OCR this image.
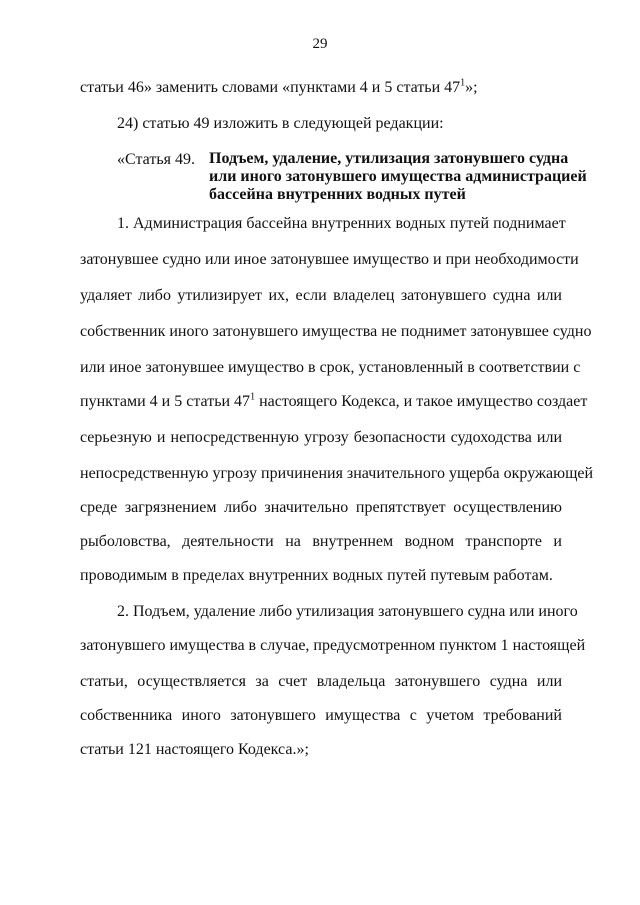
29
статьи 46» заменить словами «пунктами 4 и 5 статьи $47^1$»;
24) статью 49 изложить в следующей редакции:
«Статья 49. Подъем, удаление, утилизация затонувшего судна
или иного затонувшего имущества администрацией
бассейна внутренних водных путей
1. Администрация бассейна внутренних водных путей поднимает
затонувшее судно или иное затонувшее имущество и при необходимости
удаляет либо утилизирует их, если владелец затонувшего судна или
собственник иного затонувшего имущества не поднимет затонувшее судно
или иное затонувшее имущество в срок, установленный в соответствии с
пунктами 4 и 5 статьи $47^1$ настоящего Кодекса, и такое имущество создает
серьезную и непосредственную угрозу безопасности судоходства или
непосредственную угрозу причинения значительного ущерба окружающей
среде загрязнением либо значительно препятствует осуществлению
рыболовства, деятельности на внутреннем водном транспорте и
проводимым в пределах внутренних водных путей путевым работам.
2. Подъем, удаление либо утилизация затонувшего судна или иного
затонувшего имущества в случае, предусмотренном пунктом 1 настоящей
статьи, осуществляется за счет владельца затонувшего судна или
собственника иного затонувшего имущества с учетом требований
статьи 121 настоящего Кодекса.»;
